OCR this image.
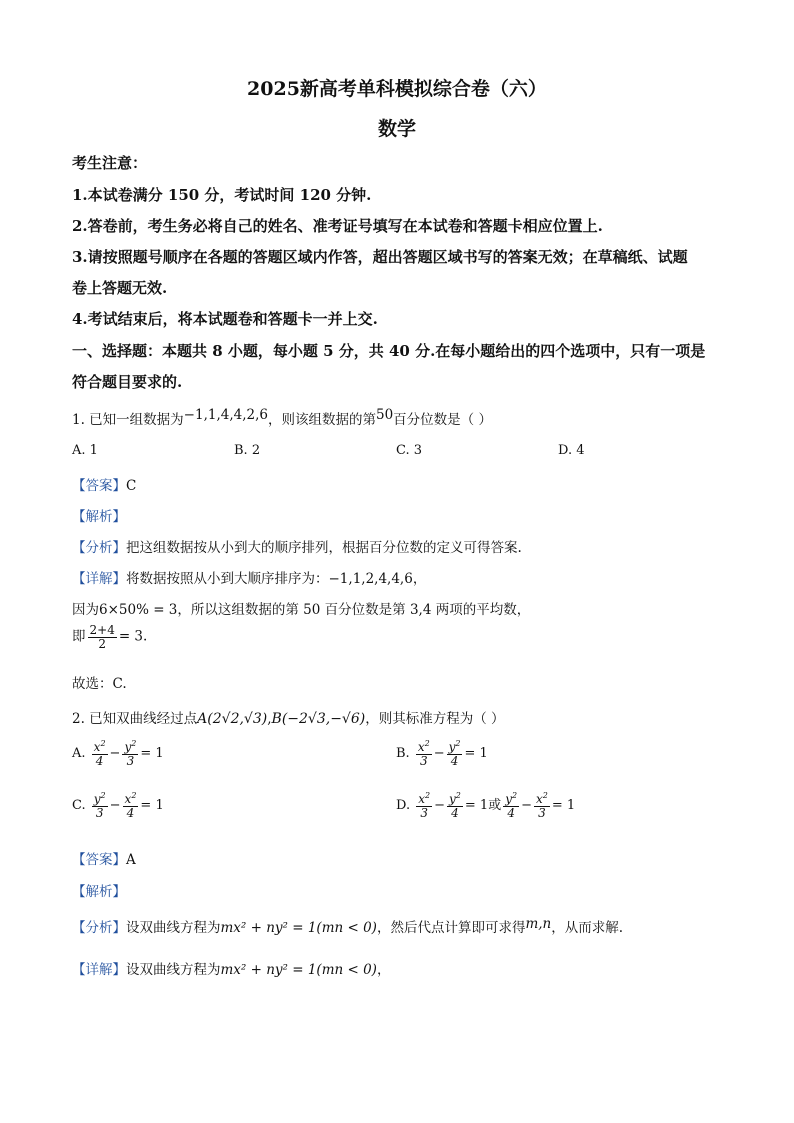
2025新高考单科模拟综合卷（六）
数学
考生注意：
1.本试卷满分 150 分，考试时间 120 分钟.
2.答卷前，考生务必将自己的姓名、准考证号填写在本试卷和答题卡相应位置上.
3.请按照题号顺序在各题的答题区域内作答，超出答题区域书写的答案无效；在草稿纸、试题
卷上答题无效.
4.考试结束后，将本试题卷和答题卡一并上交.
一、选择题：本题共 8 小题，每小题 5 分，共 40 分.在每小题给出的四个选项中，只有一项是
符合题目要求的.
1. 已知一组数据为−1,1,4,4,2,6，则该组数据的第50百分位数是（ ）
A. 1	B. 2	C. 3	D. 4
【答案】C
【解析】
【分析】把这组数据按从小到大的顺序排列，根据百分位数的定义可得答案.
【详解】将数据按照从小到大顺序排序为：−1,1,2,4,4,6，
因为6×50% = 3，所以这组数据的第 50 百分位数是第 3,4 两项的平均数，
即 $\frac{2+4}{2} = 3$.
故选：C.
2. 已知双曲线经过点A(2√2,√3),B(−2√3,−√6)，则其标准方程为（ ）
A. $\frac{x^2}{4} - \frac{y^2}{3} = 1$	B. $\frac{x^2}{3} - \frac{y^2}{4} = 1$
C. $\frac{y^2}{3} - \frac{x^2}{4} = 1$	D. $\frac{x^2}{3} - \frac{y^2}{4} = 1$或 $\frac{y^2}{4} - \frac{x^2}{3} = 1$
【答案】A
【解析】
【分析】设双曲线方程为mx² + ny² = 1(mn < 0)，然后代点计算即可求得m,n，从而求解.
【详解】设双曲线方程为mx² + ny² = 1(mn < 0)，
